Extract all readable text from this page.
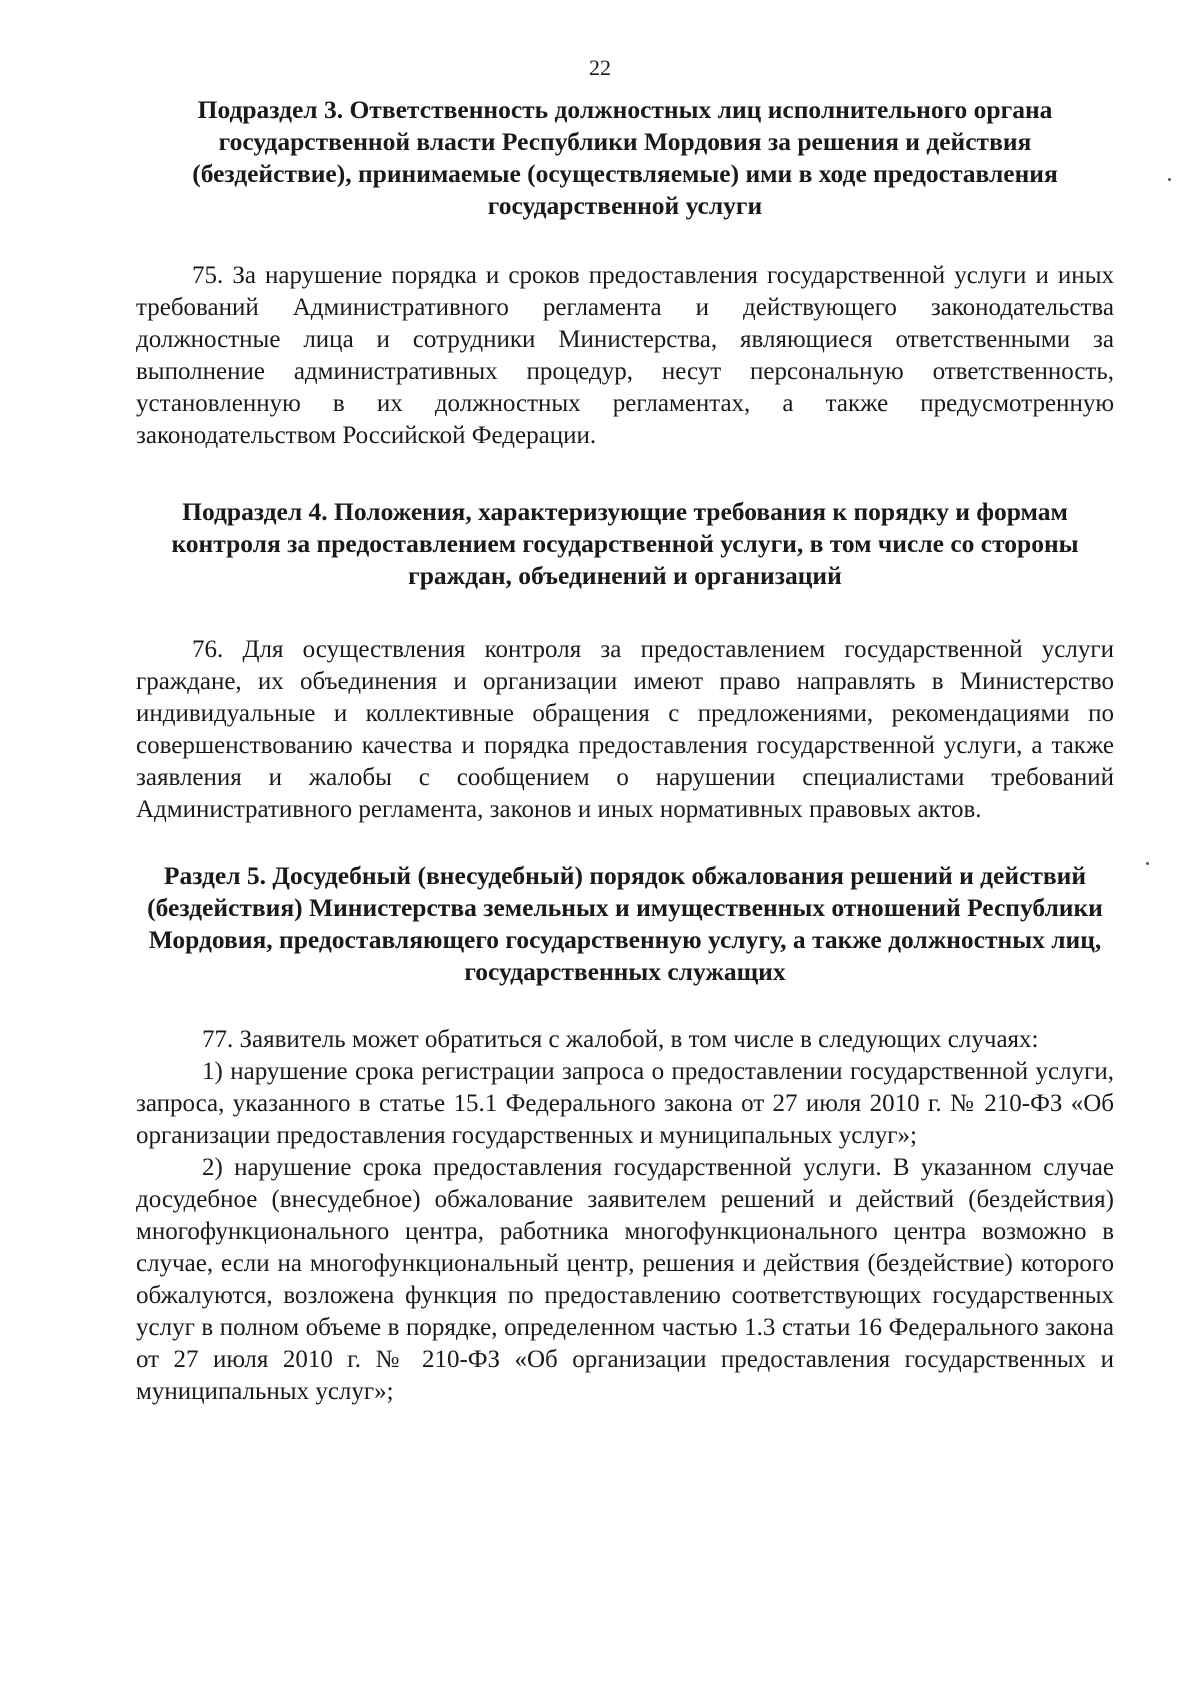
22
Подраздел 3. Ответственность должностных лиц исполнительного органа государственной власти Республики Мордовия за решения и действия (бездействие), принимаемые (осуществляемые) ими в ходе предоставления государственной услуги

75. За нарушение порядка и сроков предоставления государственной услуги и иных требований Административного регламента и действующего законодательства должностные лица и сотрудники Министерства, являющиеся ответственными за выполнение административных процедур, несут персональную ответственность, установленную в их должностных регламентах, а также предусмотренную законодательством Российской Федерации.

Подраздел 4. Положения, характеризующие требования к порядку и формам контроля за предоставлением государственной услуги, в том числе со стороны граждан, объединений и организаций

76. Для осуществления контроля за предоставлением государственной услуги граждане, их объединения и организации имеют право направлять в Министерство индивидуальные и коллективные обращения с предложениями, рекомендациями по совершенствованию качества и порядка предоставления государственной услуги, а также заявления и жалобы с сообщением о нарушении специалистами требований Административного регламента, законов и иных нормативных правовых актов.

Раздел 5. Досудебный (внесудебный) порядок обжалования решений и действий (бездействия) Министерства земельных и имущественных отношений Республики Мордовия, предоставляющего государственную услугу, а также должностных лиц, государственных служащих

77. Заявитель может обратиться с жалобой, в том числе в следующих случаях:

1) нарушение срока регистрации запроса о предоставлении государственной услуги, запроса, указанного в статье 15.1 Федерального закона от 27 июля 2010 г. № 210-ФЗ «Об организации предоставления государственных и муниципальных услуг»;

2) нарушение срока предоставления государственной услуги. В указанном случае досудебное (внесудебное) обжалование заявителем решений и действий (бездействия) многофункционального центра, работника многофункционального центра возможно в случае, если на многофункциональный центр, решения и действия (бездействие) которого обжалуются, возложена функция по предоставлению соответствующих государственных услуг в полном объеме в порядке, определенном частью 1.3 статьи 16 Федерального закона от 27 июля 2010 г. № 210-ФЗ «Об организации предоставления государственных и муниципальных услуг»;
